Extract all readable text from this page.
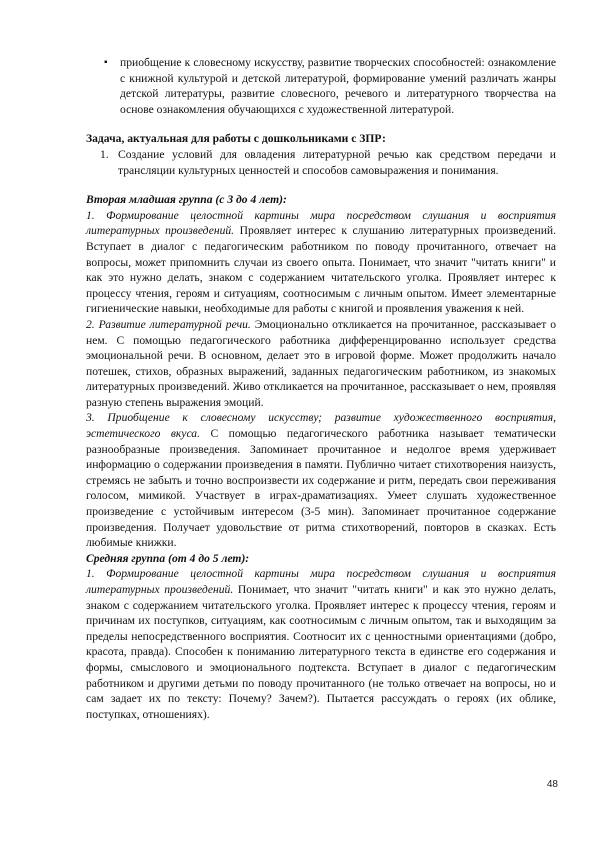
▪	приобщение к словесному искусству, развитие творческих способностей: ознакомление с книжной культурой и детской литературой, формирование умений различать жанры детской литературы, развитие словесного, речевого и литературного творчества на основе ознакомления обучающихся с художественной литературой.

Задача, актуальная для работы с дошкольниками с ЗПР:

1. Создание условий для овладения литературной речью как средством передачи и трансляции культурных ценностей и способов самовыражения и понимания.

Вторая младшая группа (с 3 до 4 лет):

1. Формирование целостной картины мира посредством слушания и восприятия литературных произведений. Проявляет интерес к слушанию литературных произведений. Вступает в диалог с педагогическим работником по поводу прочитанного, отвечает на вопросы, может припомнить случаи из своего опыта. Понимает, что значит "читать книги" и как это нужно делать, знаком с содержанием читательского уголка. Проявляет интерес к процессу чтения, героям и ситуациям, соотносимым с личным опытом. Имеет элементарные гигиенические навыки, необходимые для работы с книгой и проявления уважения к ней.

2. Развитие литературной речи. Эмоционально откликается на прочитанное, рассказывает о нем. С помощью педагогического работника дифференцированно использует средства эмоциональной речи. В основном, делает это в игровой форме. Может продолжить начало потешек, стихов, образных выражений, заданных педагогическим работником, из знакомых литературных произведений. Живо откликается на прочитанное, рассказывает о нем, проявляя разную степень выражения эмоций.

3. Приобщение к словесному искусству; развитие художественного восприятия, эстетического вкуса. С помощью педагогического работника называет тематически разнообразные произведения. Запоминает прочитанное и недолгое время удерживает информацию о содержании произведения в памяти. Публично читает стихотворения наизусть, стремясь не забыть и точно воспроизвести их содержание и ритм, передать свои переживания голосом, мимикой. Участвует в играх-драматизациях. Умеет слушать художественное произведение с устойчивым интересом (3-5 мин). Запоминает прочитанное содержание произведения. Получает удовольствие от ритма стихотворений, повторов в сказках. Есть любимые книжки.

Средняя группа (от 4 до 5 лет):

1. Формирование целостной картины мира посредством слушания и восприятия литературных произведений. Понимает, что значит "читать книги" и как это нужно делать, знаком с содержанием читательского уголка. Проявляет интерес к процессу чтения, героям и причинам их поступков, ситуациям, как соотносимым с личным опытом, так и выходящим за пределы непосредственного восприятия. Соотносит их с ценностными ориентациями (добро, красота, правда). Способен к пониманию литературного текста в единстве его содержания и формы, смыслового и эмоционального подтекста. Вступает в диалог с педагогическим работником и другими детьми по поводу прочитанного (не только отвечает на вопросы, но и сам задает их по тексту: Почему? Зачем?). Пытается рассуждать о героях (их облике, поступках, отношениях).

48
